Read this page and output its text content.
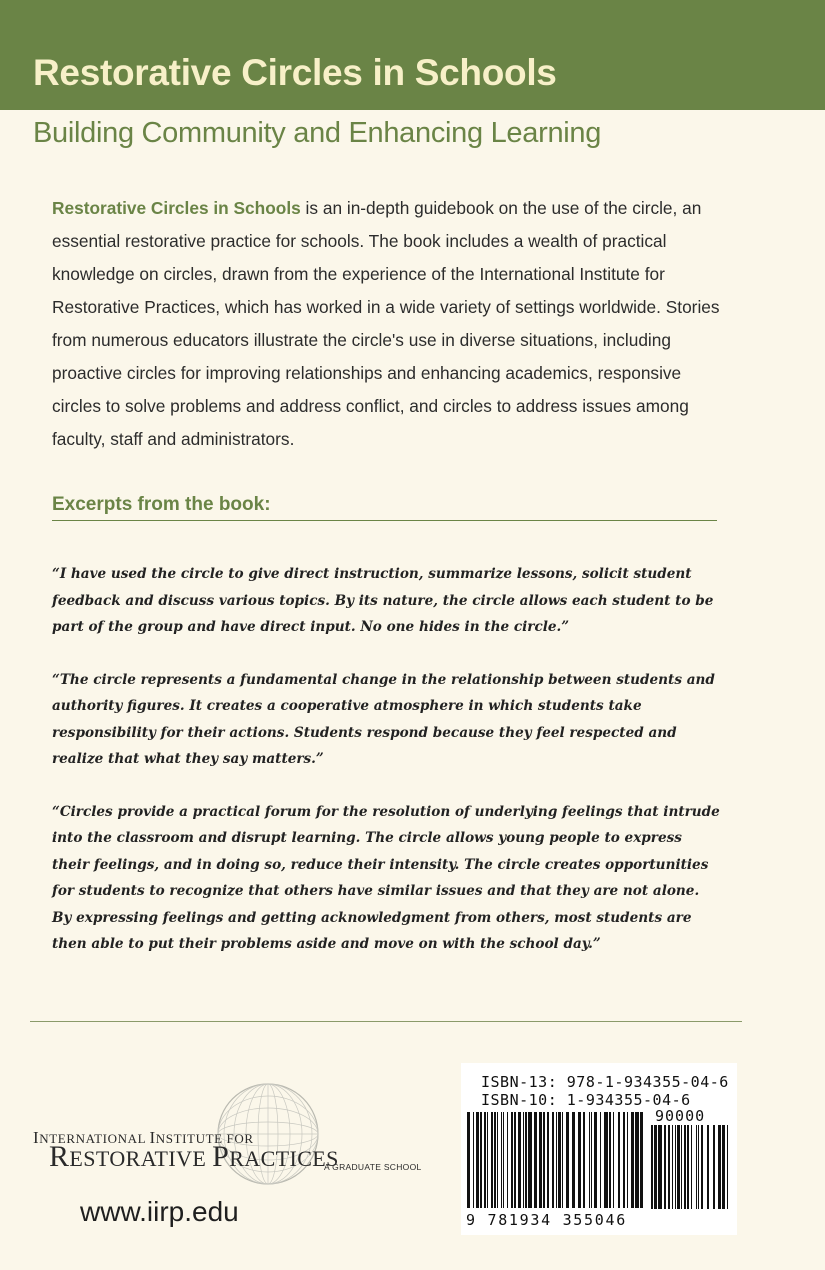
Restorative Circles in Schools
Building Community and Enhancing Learning
Restorative Circles in Schools is an in-depth guidebook on the use of the circle, an essential restorative practice for schools. The book includes a wealth of practical knowledge on circles, drawn from the experience of the International Institute for Restorative Practices, which has worked in a wide variety of settings worldwide. Stories from numerous educators illustrate the circle's use in diverse situations, including proactive circles for improving relationships and enhancing academics, responsive circles to solve problems and address conflict, and circles to address issues among faculty, staff and administrators.
Excerpts from the book:

“I have used the circle to give direct instruction, summarize lessons, solicit student feedback and discuss various topics. By its nature, the circle allows each student to be part of the group and have direct input. No one hides in the circle.”

“The circle represents a fundamental change in the relationship between students and authority figures. It creates a cooperative atmosphere in which students take responsibility for their actions. Students respond because they feel respected and realize that what they say matters.”

“Circles provide a practical forum for the resolution of underlying feelings that intrude into the classroom and disrupt learning. The circle allows young people to express their feelings, and in doing so, reduce their intensity. The circle creates opportunities for students to recognize that others have similar issues and that they are not alone. By expressing feelings and getting acknowledgment from others, most students are then able to put their problems aside and move on with the school day.”

INTERNATIONAL INSTITUTE FOR
RESTORATIVE PRACTICES
A GRADUATE SCHOOL
www.iirp.edu
ISBN-13: 978-1-934355-04-6
ISBN-10: 1-934355-04-6
90000
9 781934 355046
